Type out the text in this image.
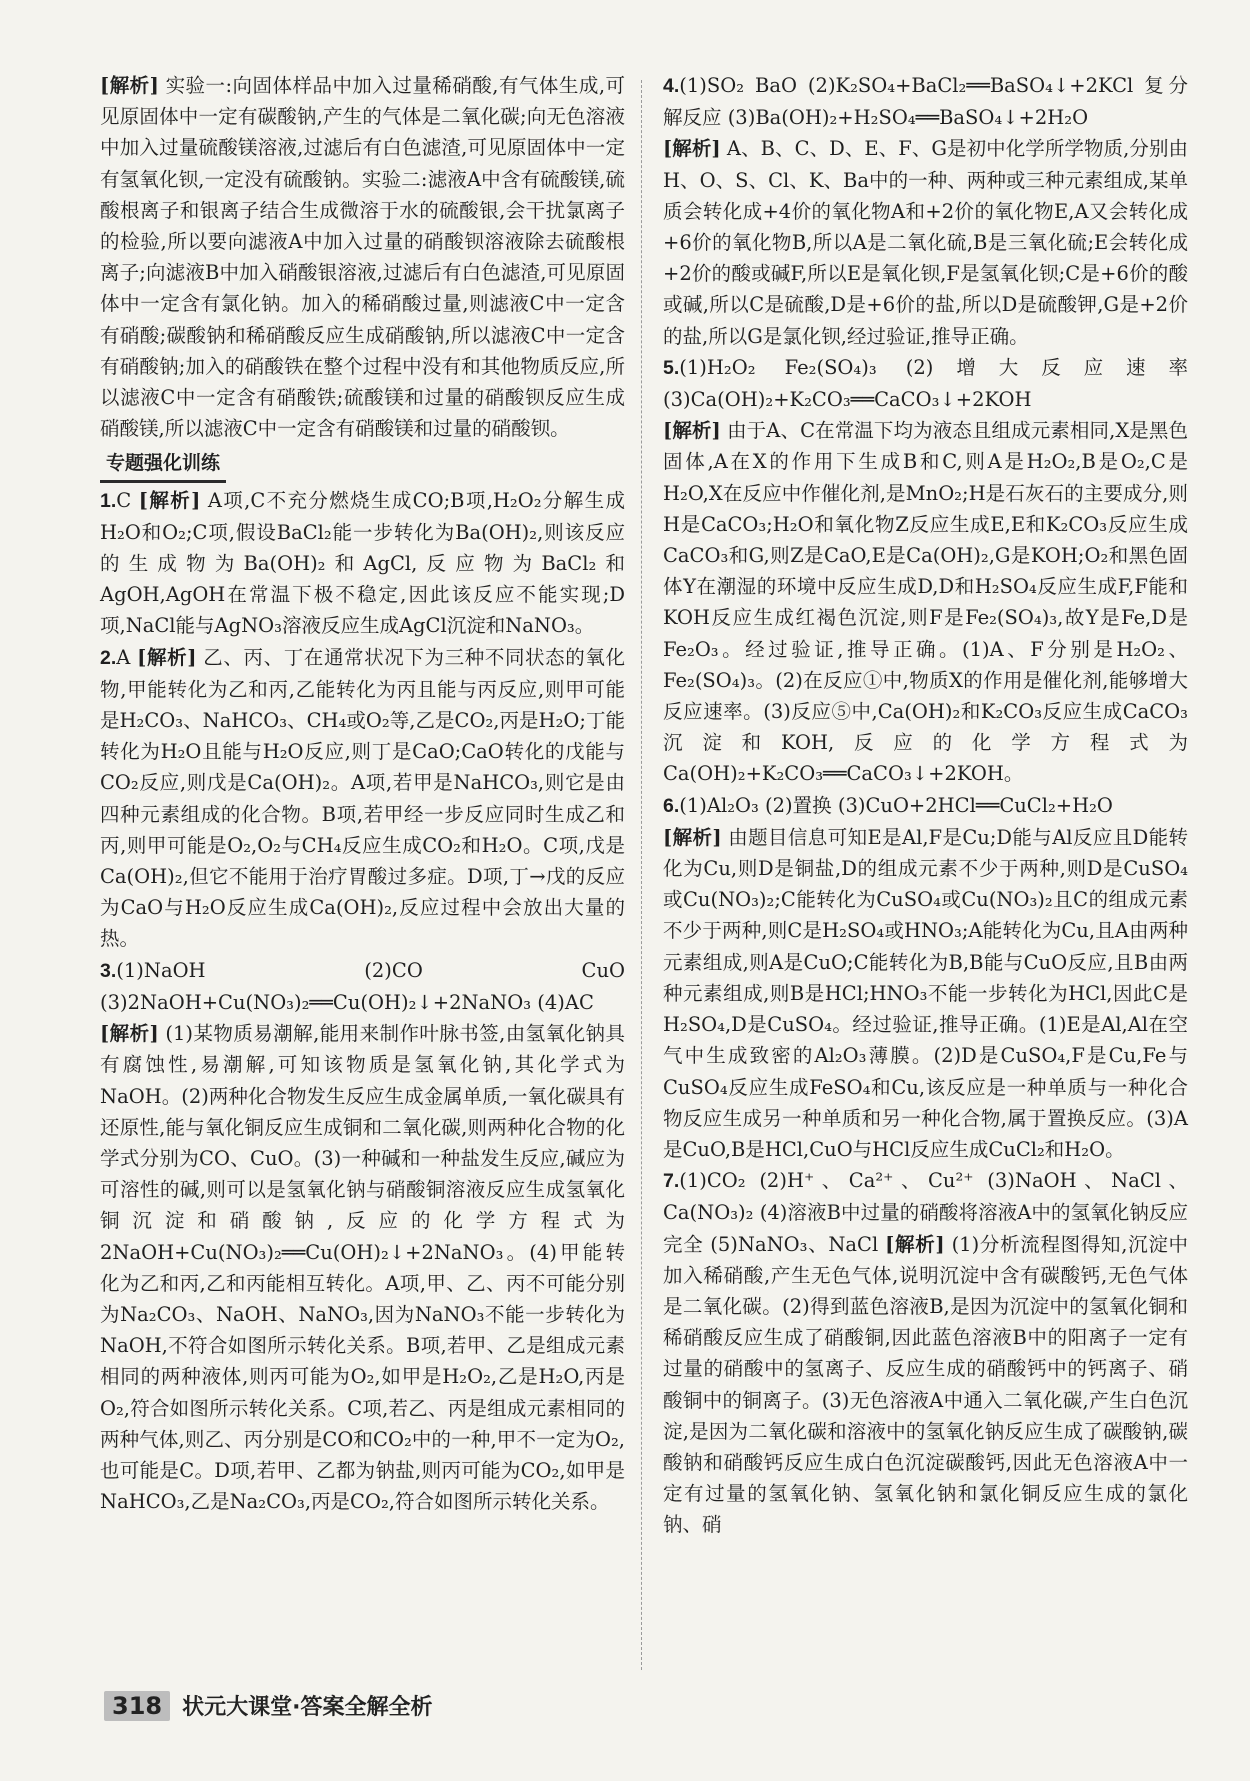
[解析] 实验一:向固体样品中加入过量稀硝酸,有气体生成,可见原固体中一定有碳酸钠,产生的气体是二氧化碳;向无色溶液中加入过量硫酸镁溶液,过滤后有白色滤渣,可见原固体中一定有氢氧化钡,一定没有硫酸钠。实验二:滤液A中含有硫酸镁,硫酸根离子和银离子结合生成微溶于水的硫酸银,会干扰氯离子的检验,所以要向滤液A中加入过量的硝酸钡溶液除去硫酸根离子;向滤液B中加入硝酸银溶液,过滤后有白色滤渣,可见原固体中一定含有氯化钠。加入的稀硝酸过量,则滤液C中一定含有硝酸;碳酸钠和稀硝酸反应生成硝酸钠,所以滤液C中一定含有硝酸钠;加入的硝酸铁在整个过程中没有和其他物质反应,所以滤液C中一定含有硝酸铁;硫酸镁和过量的硝酸钡反应生成硝酸镁,所以滤液C中一定含有硝酸镁和过量的硝酸钡。

专题强化训练

1.C [解析] A项,C不充分燃烧生成CO;B项,H₂O₂分解生成H₂O和O₂;C项,假设BaCl₂能一步转化为Ba(OH)₂,则该反应的生成物为Ba(OH)₂和AgCl,反应物为BaCl₂和AgOH,AgOH在常温下极不稳定,因此该反应不能实现;D项,NaCl能与AgNO₃溶液反应生成AgCl沉淀和NaNO₃。

2.A [解析] 乙、丙、丁在通常状况下为三种不同状态的氧化物,甲能转化为乙和丙,乙能转化为丙且能与丙反应,则甲可能是H₂CO₃、NaHCO₃、CH₄或O₂等,乙是CO₂,丙是H₂O;丁能转化为H₂O且能与H₂O反应,则丁是CaO;CaO转化的戊能与CO₂反应,则戊是Ca(OH)₂。A项,若甲是NaHCO₃,则它是由四种元素组成的化合物。B项,若甲经一步反应同时生成乙和丙,则甲可能是O₂,O₂与CH₄反应生成CO₂和H₂O。C项,戊是Ca(OH)₂,但它不能用于治疗胃酸过多症。D项,丁→戊的反应为CaO与H₂O反应生成Ca(OH)₂,反应过程中会放出大量的热。

3.(1)NaOH (2)CO CuO (3)2NaOH+Cu(NO₃)₂══Cu(OH)₂↓+2NaNO₃ (4)AC
[解析] (1)某物质易潮解,能用来制作叶脉书签,由氢氧化钠具有腐蚀性,易潮解,可知该物质是氢氧化钠,其化学式为NaOH。(2)两种化合物发生反应生成金属单质,一氧化碳具有还原性,能与氧化铜反应生成铜和二氧化碳,则两种化合物的化学式分别为CO、CuO。(3)一种碱和一种盐发生反应,碱应为可溶性的碱,则可以是氢氧化钠与硝酸铜溶液反应生成氢氧化铜沉淀和硝酸钠,反应的化学方程式为2NaOH+Cu(NO₃)₂══Cu(OH)₂↓+2NaNO₃。(4)甲能转化为乙和丙,乙和丙能相互转化。A项,甲、乙、丙不可能分别为Na₂CO₃、NaOH、NaNO₃,因为NaNO₃不能一步转化为NaOH,不符合如图所示转化关系。B项,若甲、乙是组成元素相同的两种液体,则丙可能为O₂,如甲是H₂O₂,乙是H₂O,丙是O₂,符合如图所示转化关系。C项,若乙、丙是组成元素相同的两种气体,则乙、丙分别是CO和CO₂中的一种,甲不一定为O₂,也可能是C。D项,若甲、乙都为钠盐,则丙可能为CO₂,如甲是NaHCO₃,乙是Na₂CO₃,丙是CO₂,符合如图所示转化关系。

4.(1)SO₂ BaO (2)K₂SO₄+BaCl₂══BaSO₄↓+2KCl 复分解反应 (3)Ba(OH)₂+H₂SO₄══BaSO₄↓+2H₂O
[解析] A、B、C、D、E、F、G是初中化学所学物质,分别由H、O、S、Cl、K、Ba中的一种、两种或三种元素组成,某单质会转化成+4价的氧化物A和+2价的氧化物E,A又会转化成+6价的氧化物B,所以A是二氧化硫,B是三氧化硫;E会转化成+2价的酸或碱F,所以E是氧化钡,F是氢氧化钡;C是+6价的酸或碱,所以C是硫酸,D是+6价的盐,所以D是硫酸钾,G是+2价的盐,所以G是氯化钡,经过验证,推导正确。

5.(1)H₂O₂ Fe₂(SO₄)₃ (2)增大反应速率 (3)Ca(OH)₂+K₂CO₃══CaCO₃↓+2KOH
[解析] 由于A、C在常温下均为液态且组成元素相同,X是黑色固体,A在X的作用下生成B和C,则A是H₂O₂,B是O₂,C是H₂O,X在反应中作催化剂,是MnO₂;H是石灰石的主要成分,则H是CaCO₃;H₂O和氧化物Z反应生成E,E和K₂CO₃反应生成CaCO₃和G,则Z是CaO,E是Ca(OH)₂,G是KOH;O₂和黑色固体Y在潮湿的环境中反应生成D,D和H₂SO₄反应生成F,F能和KOH反应生成红褐色沉淀,则F是Fe₂(SO₄)₃,故Y是Fe,D是Fe₂O₃。经过验证,推导正确。(1)A、F分别是H₂O₂、Fe₂(SO₄)₃。(2)在反应①中,物质X的作用是催化剂,能够增大反应速率。(3)反应⑤中,Ca(OH)₂和K₂CO₃反应生成CaCO₃沉淀和KOH,反应的化学方程式为Ca(OH)₂+K₂CO₃══CaCO₃↓+2KOH。

6.(1)Al₂O₃ (2)置换 (3)CuO+2HCl══CuCl₂+H₂O
[解析] 由题目信息可知E是Al,F是Cu;D能与Al反应且D能转化为Cu,则D是铜盐,D的组成元素不少于两种,则D是CuSO₄或Cu(NO₃)₂;C能转化为CuSO₄或Cu(NO₃)₂且C的组成元素不少于两种,则C是H₂SO₄或HNO₃;A能转化为Cu,且A由两种元素组成,则A是CuO;C能转化为B,B能与CuO反应,且B由两种元素组成,则B是HCl;HNO₃不能一步转化为HCl,因此C是H₂SO₄,D是CuSO₄。经过验证,推导正确。(1)E是Al,Al在空气中生成致密的Al₂O₃薄膜。(2)D是CuSO₄,F是Cu,Fe与CuSO₄反应生成FeSO₄和Cu,该反应是一种单质与一种化合物反应生成另一种单质和另一种化合物,属于置换反应。(3)A是CuO,B是HCl,CuO与HCl反应生成CuCl₂和H₂O。

7.(1)CO₂ (2)H⁺、Ca²⁺、Cu²⁺ (3)NaOH、NaCl、Ca(NO₃)₂ (4)溶液B中过量的硝酸将溶液A中的氢氧化钠反应完全 (5)NaNO₃、NaCl [解析] (1)分析流程图得知,沉淀中加入稀硝酸,产生无色气体,说明沉淀中含有碳酸钙,无色气体是二氧化碳。(2)得到蓝色溶液B,是因为沉淀中的氢氧化铜和稀硝酸反应生成了硝酸铜,因此蓝色溶液B中的阳离子一定有过量的硝酸中的氢离子、反应生成的硝酸钙中的钙离子、硝酸铜中的铜离子。(3)无色溶液A中通入二氧化碳,产生白色沉淀,是因为二氧化碳和溶液中的氢氧化钠反应生成了碳酸钠,碳酸钠和硝酸钙反应生成白色沉淀碳酸钙,因此无色溶液A中一定有过量的氢氧化钠、氢氧化钠和氯化铜反应生成的氯化钠、硝

318 状元大课堂·答案全解全析
